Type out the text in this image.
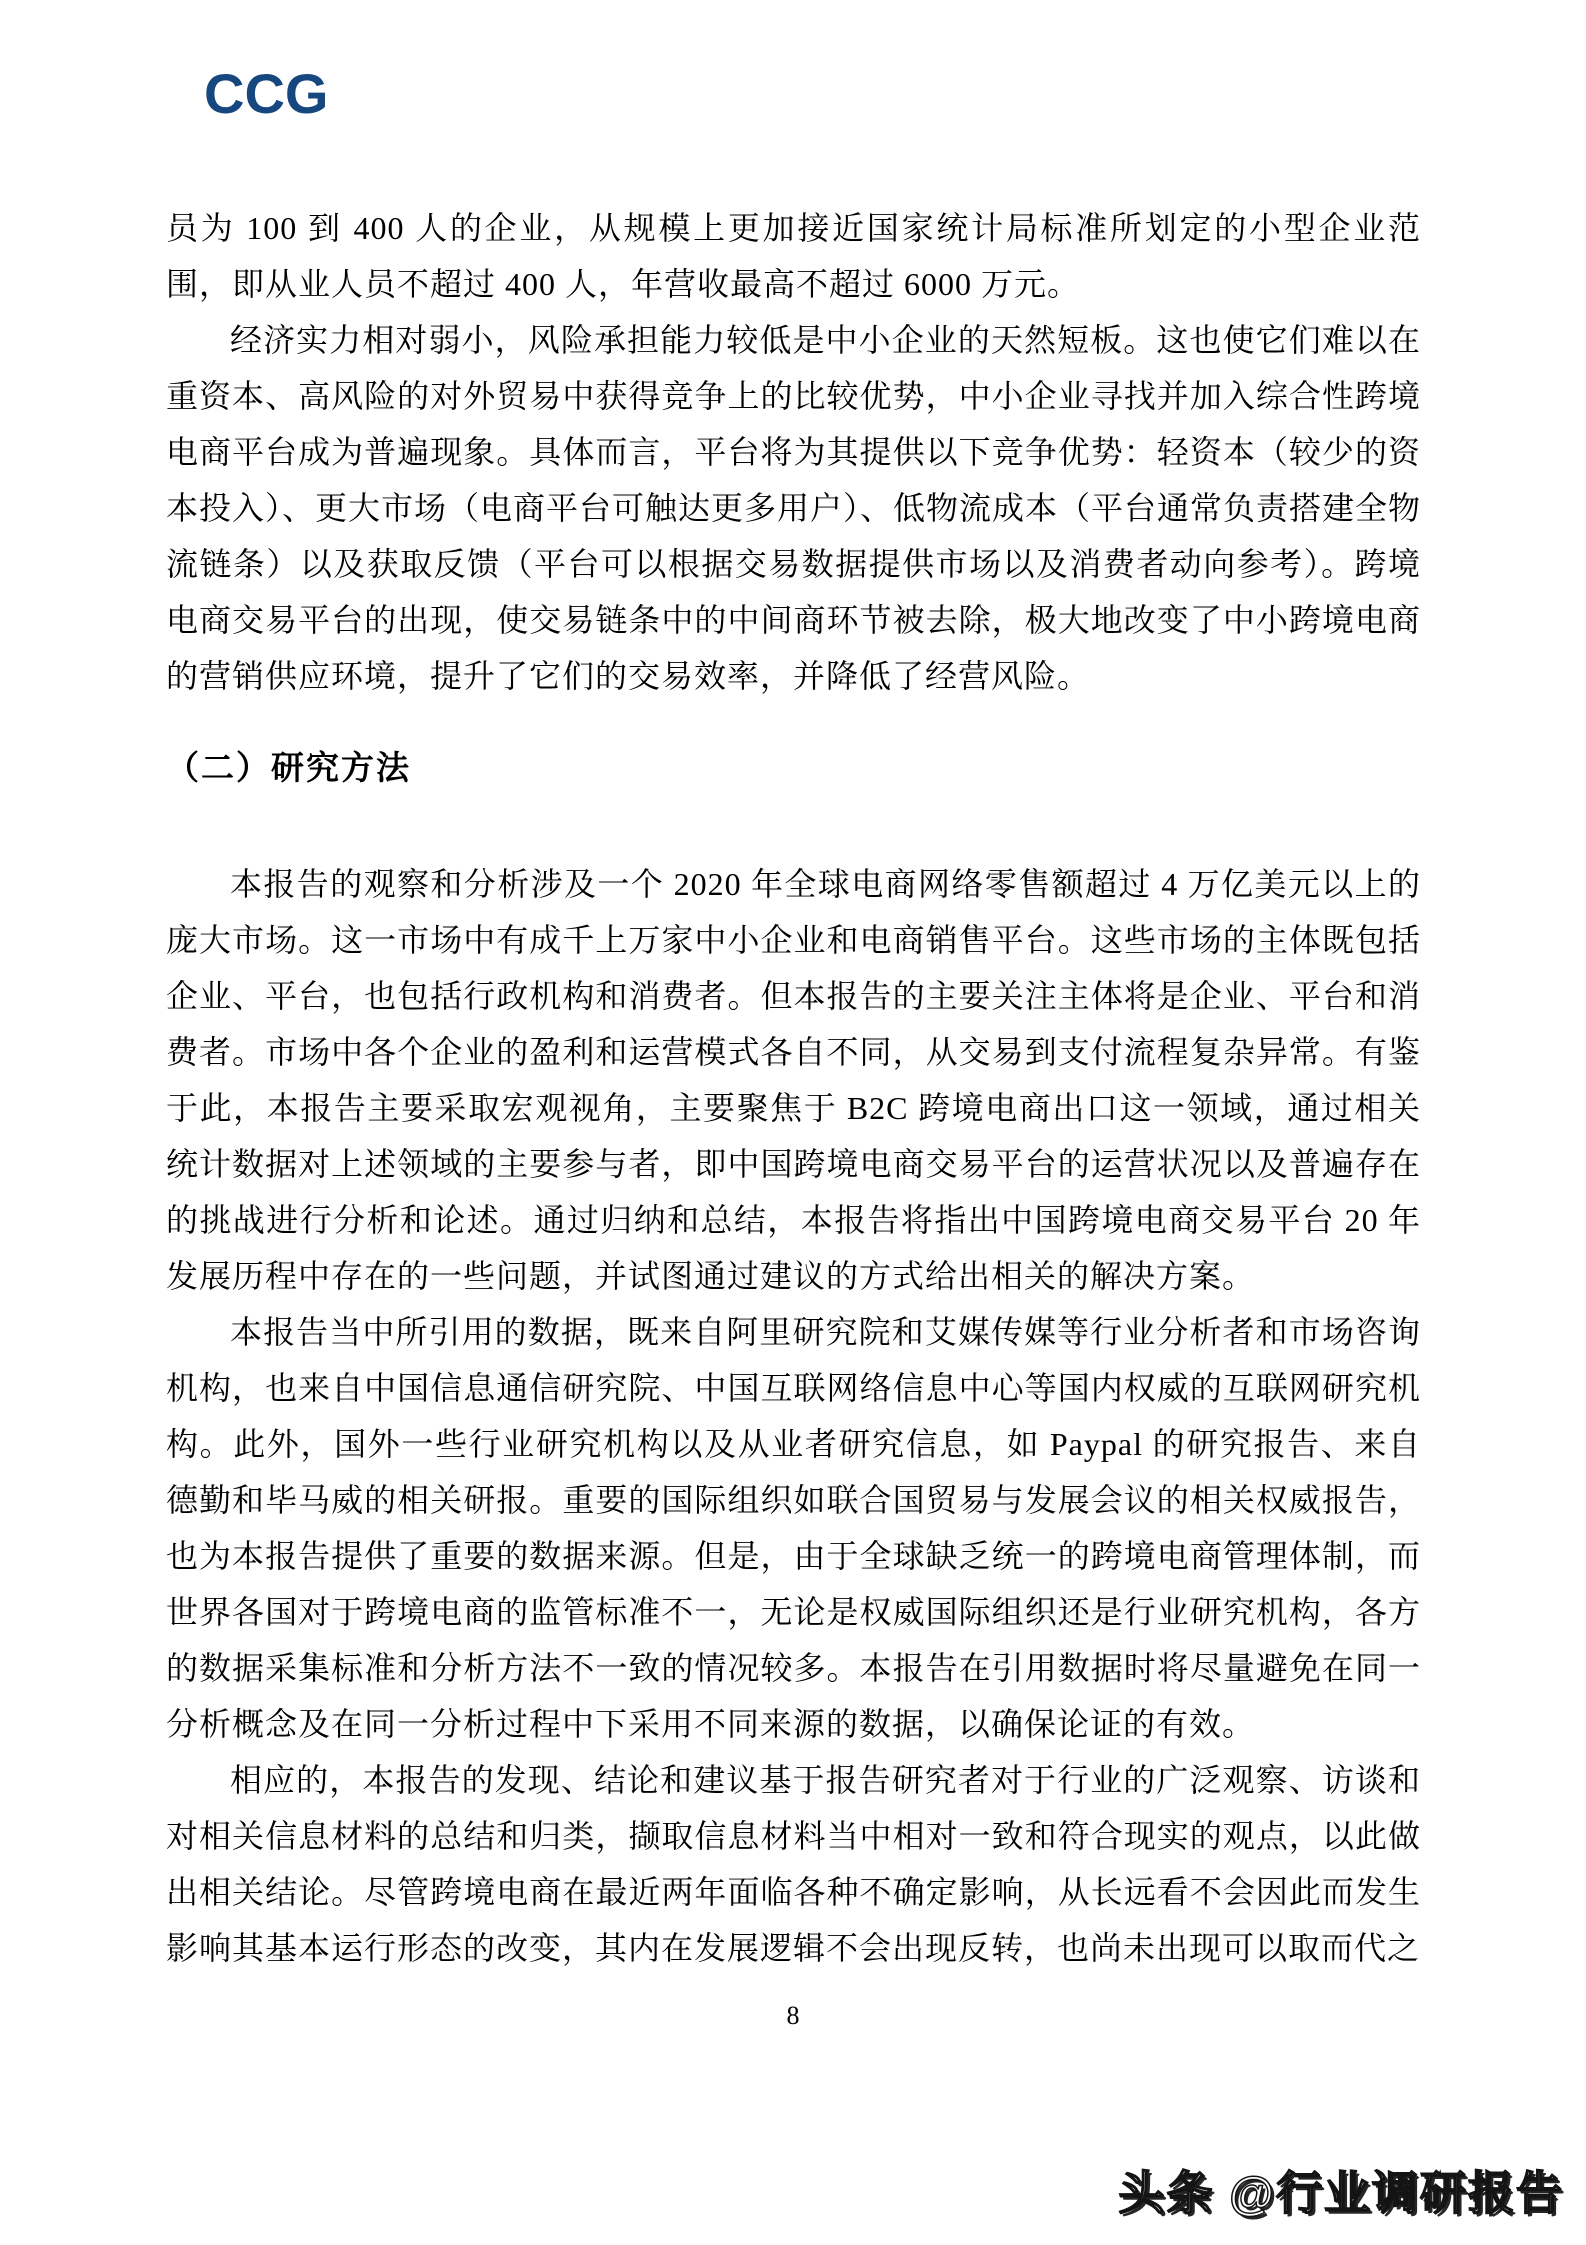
CCG

员为 100 到 400 人的企业，从规模上更加接近国家统计局标准所划定的小型企业范围，即从业人员不超过 400 人，年营收最高不超过 6000 万元。

经济实力相对弱小，风险承担能力较低是中小企业的天然短板。这也使它们难以在重资本、高风险的对外贸易中获得竞争上的比较优势，中小企业寻找并加入综合性跨境电商平台成为普遍现象。具体而言，平台将为其提供以下竞争优势：轻资本（较少的资本投入）、更大市场（电商平台可触达更多用户）、低物流成本（平台通常负责搭建全物流链条）以及获取反馈（平台可以根据交易数据提供市场以及消费者动向参考）。跨境电商交易平台的出现，使交易链条中的中间商环节被去除，极大地改变了中小跨境电商的营销供应环境，提升了它们的交易效率，并降低了经营风险。

（二）研究方法

本报告的观察和分析涉及一个 2020 年全球电商网络零售额超过 4 万亿美元以上的庞大市场。这一市场中有成千上万家中小企业和电商销售平台。这些市场的主体既包括企业、平台，也包括行政机构和消费者。但本报告的主要关注主体将是企业、平台和消费者。市场中各个企业的盈利和运营模式各自不同，从交易到支付流程复杂异常。有鉴于此，本报告主要采取宏观视角，主要聚焦于 B2C 跨境电商出口这一领域，通过相关统计数据对上述领域的主要参与者，即中国跨境电商交易平台的运营状况以及普遍存在的挑战进行分析和论述。通过归纳和总结，本报告将指出中国跨境电商交易平台 20 年发展历程中存在的一些问题，并试图通过建议的方式给出相关的解决方案。

本报告当中所引用的数据，既来自阿里研究院和艾媒传媒等行业分析者和市场咨询机构，也来自中国信息通信研究院、中国互联网络信息中心等国内权威的互联网研究机构。此外，国外一些行业研究机构以及从业者研究信息，如 Paypal 的研究报告、来自德勤和毕马威的相关研报。重要的国际组织如联合国贸易与发展会议的相关权威报告，也为本报告提供了重要的数据来源。但是，由于全球缺乏统一的跨境电商管理体制，而世界各国对于跨境电商的监管标准不一，无论是权威国际组织还是行业研究机构，各方的数据采集标准和分析方法不一致的情况较多。本报告在引用数据时将尽量避免在同一分析概念及在同一分析过程中下采用不同来源的数据，以确保论证的有效。

相应的，本报告的发现、结论和建议基于报告研究者对于行业的广泛观察、访谈和对相关信息材料的总结和归类，撷取信息材料当中相对一致和符合现实的观点，以此做出相关结论。尽管跨境电商在最近两年面临各种不确定影响，从长远看不会因此而发生影响其基本运行形态的改变，其内在发展逻辑不会出现反转，也尚未出现可以取而代之

8
头条 @行业调研报告
